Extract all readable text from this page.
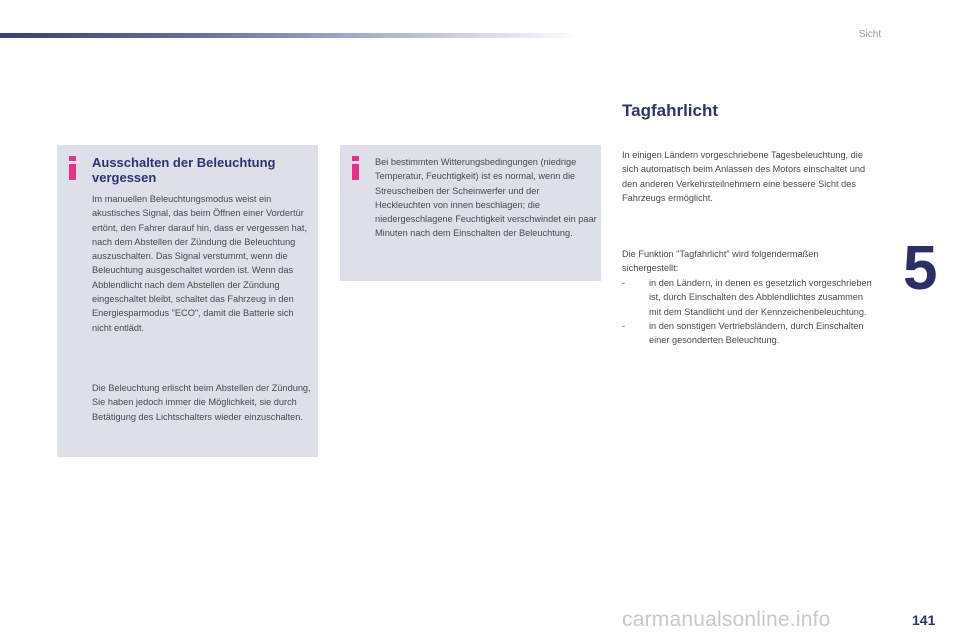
Sicht
5
Ausschalten der Beleuchtung vergessen

Im manuellen Beleuchtungsmodus weist ein akustisches Signal, das beim Öffnen einer Vordertür ertönt, den Fahrer darauf hin, dass er vergessen hat, nach dem Abstellen der Zündung die Beleuchtung auszuschalten. Das Signal verstummt, wenn die Beleuchtung ausgeschaltet worden ist. Wenn das Abblendlicht nach dem Abstellen der Zündung eingeschaltet bleibt, schaltet das Fahrzeug in den Energiesparmodus "ECO", damit die Batterie sich nicht entlädt.

Die Beleuchtung erlischt beim Abstellen der Zündung, Sie haben jedoch immer die Möglichkeit, sie durch Betätigung des Lichtschalters wieder einzuschalten.

Bei bestimmten Witterungsbedingungen (niedrige Temperatur, Feuchtigkeit) ist es normal, wenn die Streuscheiben der Scheinwerfer und der Heckleuchten von innen beschlagen; die niedergeschlagene Feuchtigkeit verschwindet ein paar Minuten nach dem Einschalten der Beleuchtung.

Tagfahrlicht

In einigen Ländern vorgeschriebene Tagesbeleuchtung, die sich automatisch beim Anlassen des Motors einschaltet und den anderen Verkehrsteilnehmern eine bessere Sicht des Fahrzeugs ermöglicht.

Die Funktion "Tagfahrlicht" wird folgendermaßen sichergestellt:

-	in den Ländern, in denen es gesetzlich vorgeschrieben ist, durch Einschalten des Abblendlichtes zusammen mit dem Standlicht und der Kennzeichenbeleuchtung.
-	in den sonstigen Vertriebsländern, durch Einschalten einer gesonderten Beleuchtung.
carmanualsonline.info	141
